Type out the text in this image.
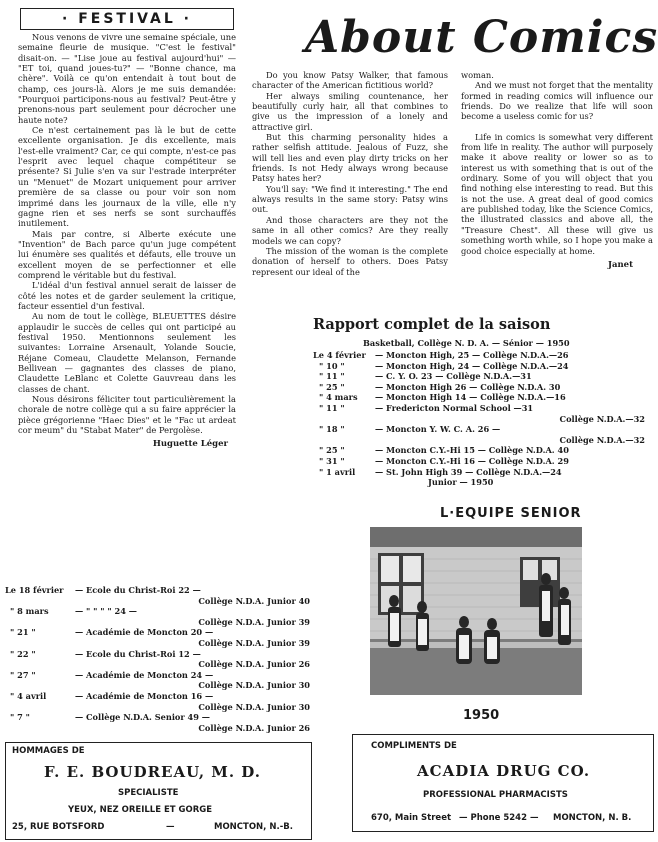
· FESTIVAL ·

Nous venons de vivre une semaine spéciale, une semaine fleurie de musique. "C'est le festival" disait-on. — "Lise joue au festival aujourd'hui" — "ET toi, quand joues-tu?" — "Bonne chance, ma chère". Voilà ce qu'on entendait à tout bout de champ, ces jours-là. Alors je me suis demandée: "Pourquoi participons-nous au festival? Peut-être y prenons-nous part seulement pour décrocher une haute note?

Ce n'est certainement pas là le but de cette excellente organisation. Je dis excellente, mais l'est-elle vraiment? Car, ce qui compte, n'est-ce pas l'esprit avec lequel chaque compétiteur se présente? Si Julie s'en va sur l'estrade interpréter un "Menuet" de Mozart uniquement pour arriver première de sa classe ou pour voir son nom imprimé dans les journaux de la ville, elle n'y gagne rien et ses nerfs se sont surchauffés inutilement.

Mais par contre, si Alberte exécute une "Invention" de Bach parce qu'un juge compétent lui énumère ses qualités et défauts, elle trouve un excellent moyen de se perfectionner et elle comprend le véritable but du festival.

L'idéal d'un festival annuel serait de laisser de côté les notes et de garder seulement la critique, facteur essentiel d'un festival.

Au nom de tout le collège, BLEUETTES désire applaudir le succès de celles qui ont participé au festival 1950. Mentionnons seulement les suivantes: Lorraine Arsenault, Yolande Soucie, Réjane Comeau, Claudette Melanson, Fernande Bellivean — gagnantes des classes de piano, Claudette LeBlanc et Colette Gauvreau dans les classes de chant.

Nous désirons féliciter tout particulièrement la chorale de notre collège qui a su faire apprécier la pièce grégorienne "Haec Dies" et le "Fac ut ardeat cor meum" du "Stabat Mater" de Pergolèse.

Huguette Léger
Le 18 février — Ecole du Christ-Roi 22 —
Collège N.D.A. Junior 40
" 8 mars	— " " " " 24 —
Collège N.D.A. Junior 39
" 21 "	— Académie de Moncton 20 —
Collège N.D.A. Junior 39
" 22 "	— Ecole du Christ-Roi 12 —
Collège N.D.A. Junior 26
" 27 "	— Académie de Moncton 24 —
Collège N.D.A. Junior 30
" 4 avril	— Académie de Moncton 16 —
Collège N.D.A. Junior 30
" 7 "	— Collège N.D.A. Senior 49 —
Collège N.D.A. Junior 26
About Comics

Do you know Patsy Walker, that famous character of the American fictitious world?

Her always smiling countenance, her beautifully curly hair, all that combines to give us the impression of a lonely and attractive girl.

But this charming personality hides a rather selfish attitude. Jealous of Fuzz, she will tell lies and even play dirty tricks on her friends. Is not Hedy always wrong because Patsy hates her?

You'll say: "We find it interesting." The end always results in the same story: Patsy wins out.

And those characters are they not the same in all other comics? Are they really models we can copy?

The mission of the woman is the complete donation of herself to others. Does Patsy represent our ideal of the

woman.

And we must not forget that the mentality formed in reading comics will influence our friends. Do we realize that life will soon become a useless comic for us?

Life in comics is somewhat very different from life in reality. The author will purposely make it above reality or lower so as to interest us with something that is out of the ordinary. Some of you will object that you find nothing else interesting to read. But this is not the use. A great deal of good comics are published today, like the Science Comics, the illustrated classics and above all, the "Treasure Chest". All these will give us something worth while, so I hope you make a good choice especially at home.

Janet
Rapport complet de la saison
Basketball, Collège N. D. A. — Sénior — 1950
Le 4 février — Moncton High, 25 — Collège N.D.A.—26
" 10 "	— Moncton High, 24 — Collège N.D.A.—24
" 11 "	— C. Y. O. 23 — Collège N.D.A.—31
" 25 "	— Moncton High 26 — Collège N.D.A. 30
" 4 mars — Moncton High 14 — Collège N.D.A.—16
" 11 "	— Fredericton Normal School —31
Collège N.D.A.—32
" 18 "	— Moncton Y. W. C. A. 26 —
Collège N.D.A.—32
" 25 "	— Moncton C.Y.-Hi 15 — Collège N.D.A. 40
" 31 "	— Moncton C.Y.-Hi 16 — Collège N.D.A. 29
" 1 avril — St. John High 39 — Collège N.D.A.—24
Junior — 1950
L·EQUIPE SENIOR
1950
HOMMAGES DE
F. E. BOUDREAU, M. D.
SPECIALISTE
YEUX, NEZ OREILLE ET GORGE
25, RUE BOTSFORD	—	MONCTON, N.-B.
COMPLIMENTS DE
ACADIA DRUG CO.
PROFESSIONAL PHARMACISTS
670, Main Street — Phone 5242 — MONCTON, N. B.
